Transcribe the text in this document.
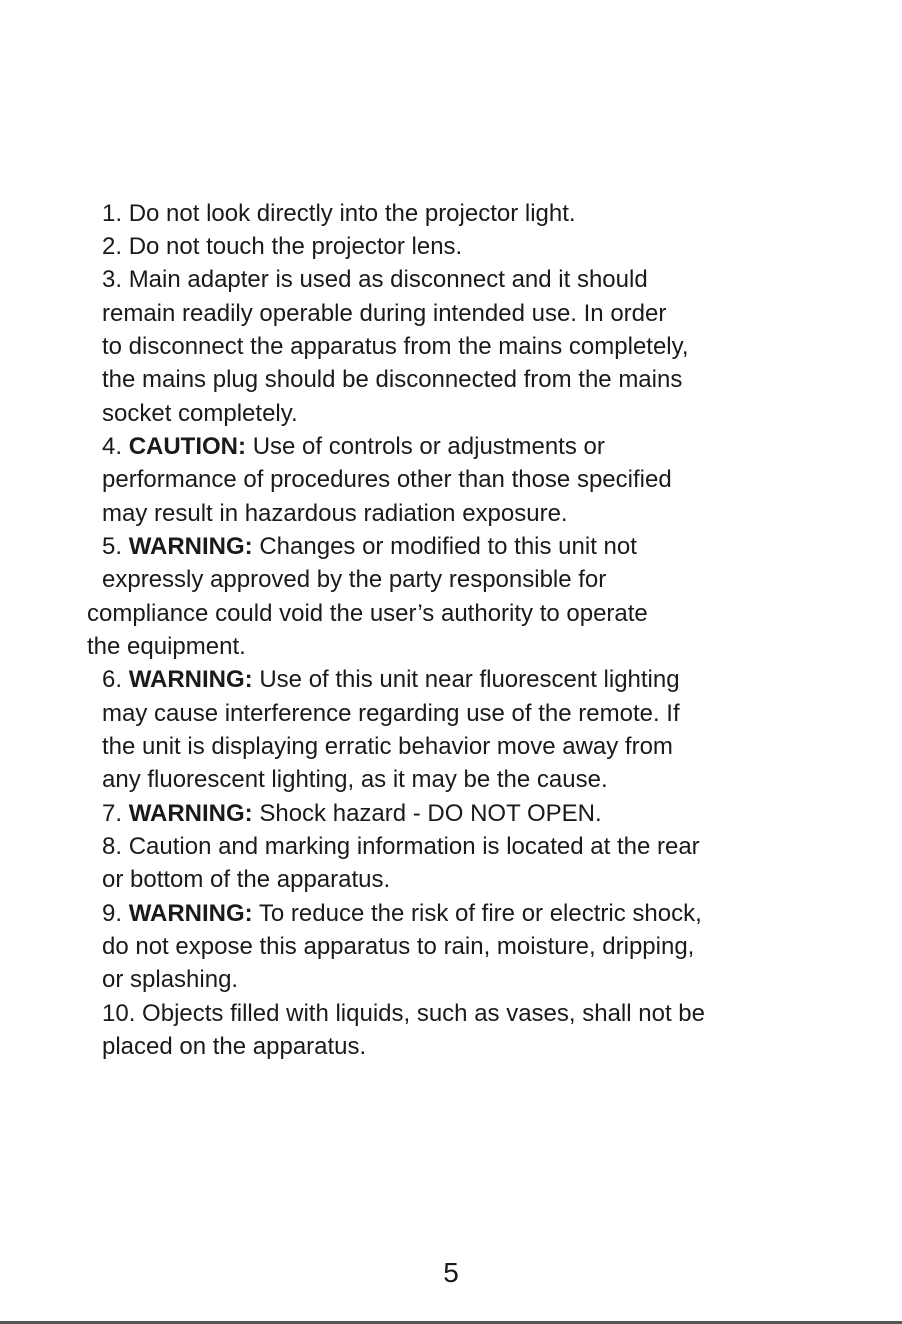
1. Do not look directly into the projector light.
2. Do not touch the projector lens.
3. Main adapter is used as disconnect and it should
remain readily operable during intended use. In order
to disconnect the apparatus from the mains completely,
the mains plug should be disconnected from the mains
socket completely.
4. CAUTION: Use of controls or adjustments or
performance of procedures other than those specified
may result in hazardous radiation exposure.
5. WARNING: Changes or modified to this unit not
expressly approved by the party responsible for
compliance could void the user’s authority to operate
the equipment.
6. WARNING: Use of this unit near fluorescent lighting
may cause interference regarding use of the remote. If
the unit is displaying erratic behavior move away from
any fluorescent lighting, as it may be the cause.
7. WARNING: Shock hazard - DO NOT OPEN.
8. Caution and marking information is located at the rear
or bottom of the apparatus.
9. WARNING: To reduce the risk of fire or electric shock,
do not expose this apparatus to rain, moisture, dripping,
or splashing.
10. Objects filled with liquids, such as vases, shall not be
placed on the apparatus.
5
